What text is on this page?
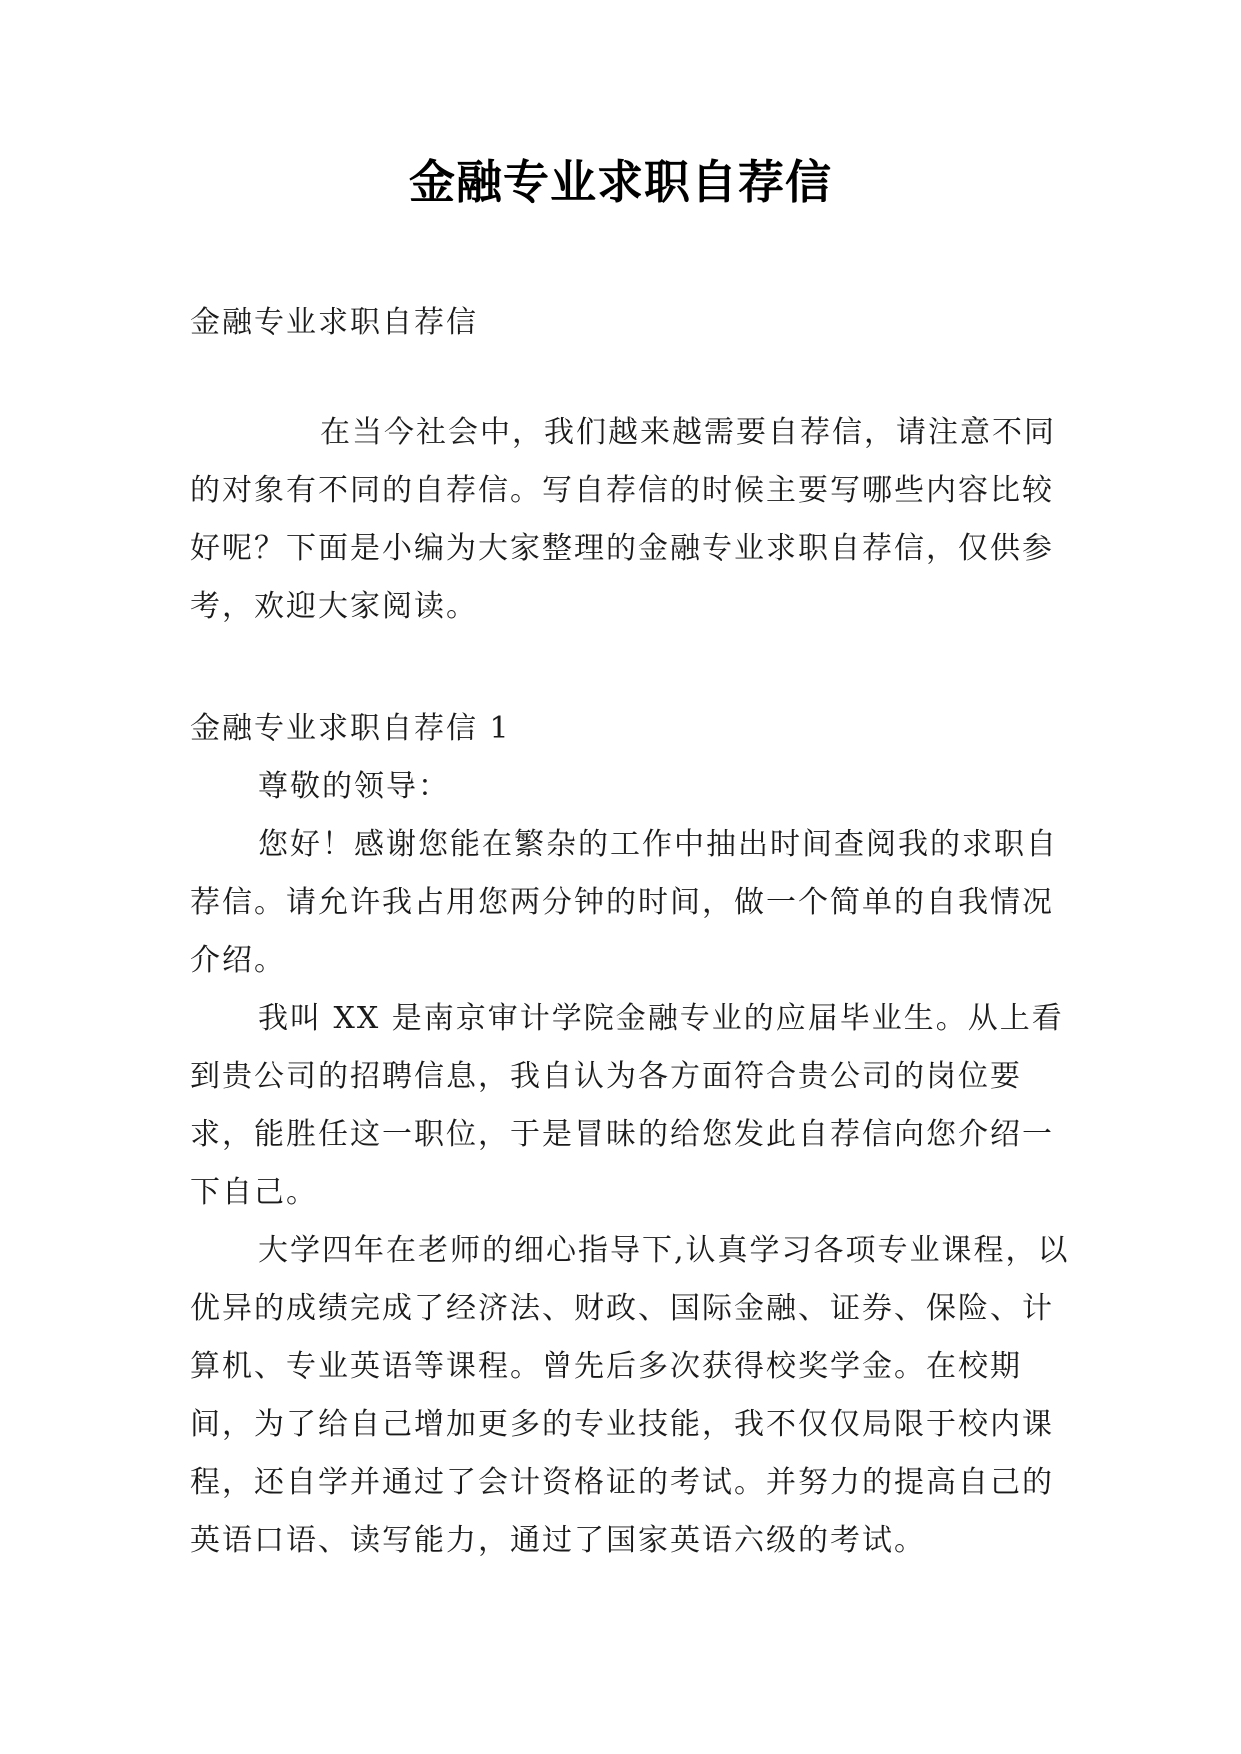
金融专业求职自荐信

金融专业求职自荐信

在当今社会中，我们越来越需要自荐信，请注意不同的对象有不同的自荐信。写自荐信的时候主要写哪些内容比较好呢？下面是小编为大家整理的金融专业求职自荐信，仅供参考，欢迎大家阅读。

金融专业求职自荐信 1

尊敬的领导：

您好！感谢您能在繁杂的工作中抽出时间查阅我的求职自荐信。请允许我占用您两分钟的时间，做一个简单的自我情况介绍。

我叫 XX 是南京审计学院金融专业的应届毕业生。从上看到贵公司的招聘信息，我自认为各方面符合贵公司的岗位要求，能胜任这一职位，于是冒昧的给您发此自荐信向您介绍一下自己。

大学四年在老师的细心指导下,认真学习各项专业课程，以优异的成绩完成了经济法、财政、国际金融、证券、保险、计算机、专业英语等课程。曾先后多次获得校奖学金。在校期间，为了给自己增加更多的专业技能，我不仅仅局限于校内课程，还自学并通过了会计资格证的考试。并努力的提高自己的英语口语、读写能力，通过了国家英语六级的考试。
